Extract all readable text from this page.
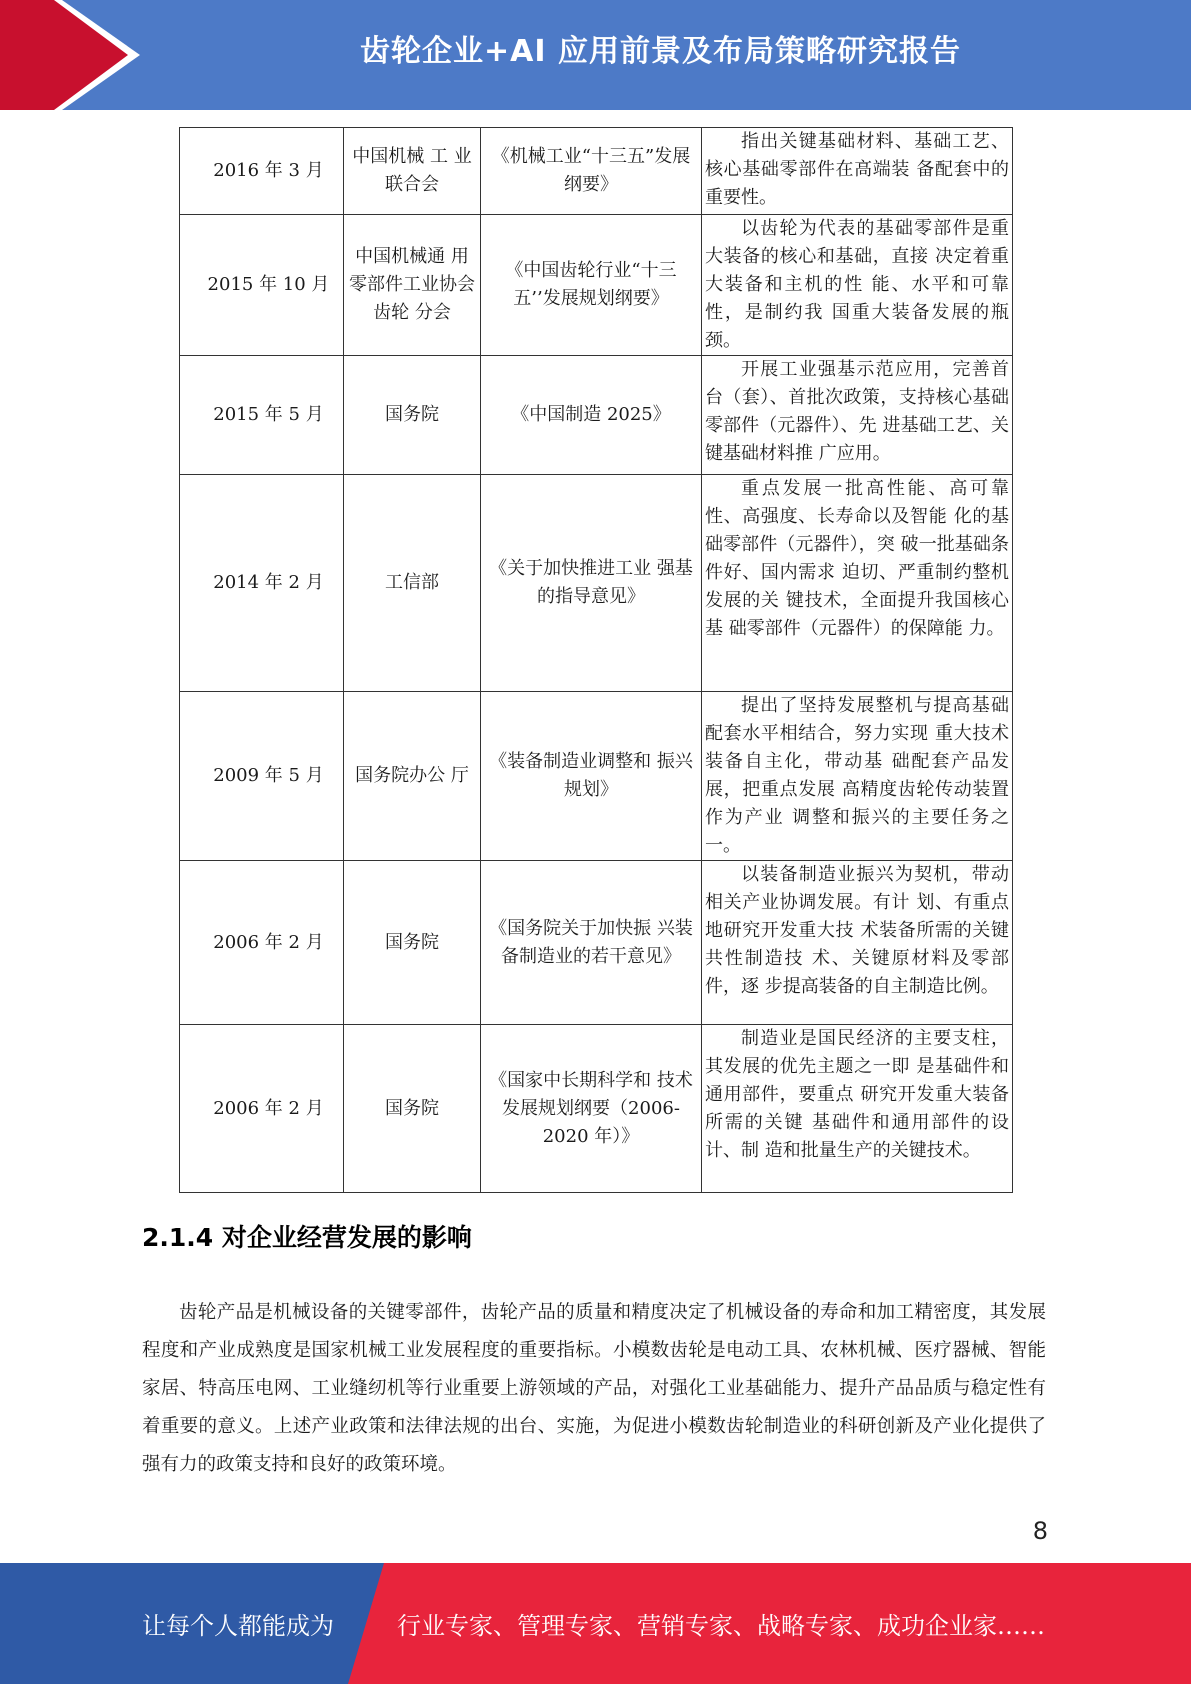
齿轮企业+AI 应用前景及布局策略研究报告
2016 年 3 月	中国机械 工 业联合会	《机械工业“十三五”发展纲要》	指出关键基础材料、基础工艺、核心基础零部件在高端装 备配套中的重要性。

2015 年 10 月	中国机械通 用零部件工业协会齿轮 分会	《中国齿轮行业“十三 五’’发展规划纲要》	以齿轮为代表的基础零部件是重大装备的核心和基础，直接 决定着重大装备和主机的性 能、水平和可靠性，是制约我 国重大装备发展的瓶颈。

2015 年 5 月	国务院	《中国制造 2025》	开展工业强基示范应用，完善首台（套）、首批次政策，支持核心基础零部件（元器件）、先 进基础工艺、关键基础材料推 广应用。

2014 年 2 月	工信部	《关于加快推进工业 强基的指导意见》	重点发展一批高性能、高可靠性、高强度、长寿命以及智能 化的基础零部件（元器件），突 破一批基础条件好、国内需求 迫切、严重制约整机发展的关 键技术，全面提升我国核心基 础零部件（元器件）的保障能 力。

2009 年 5 月	国务院办公 厅	《装备制造业调整和 振兴规划》	提出了坚持发展整机与提高基础配套水平相结合，努力实现 重大技术装备自主化，带动基 础配套产品发展，把重点发展 高精度齿轮传动装置作为产业 调整和振兴的主要任务之一。

2006 年 2 月	国务院	《国务院关于加快振 兴装备制造业的若干意见》	以装备制造业振兴为契机，带动相关产业协调发展。有计 划、有重点地研究开发重大技 术装备所需的关键共性制造技 术、关键原材料及零部件，逐 步提高装备的自主制造比例。

2006 年 2 月	国务院	《国家中长期科学和 技术发展规划纲要（2006-2020 年）》	制造业是国民经济的主要支柱，其发展的优先主题之一即 是基础件和通用部件，要重点 研究开发重大装备所需的关键 基础件和通用部件的设计、制 造和批量生产的关键技术。
2.1.4 对企业经营发展的影响

齿轮产品是机械设备的关键零部件，齿轮产品的质量和精度决定了机械设备的寿命和加工精密度，其发展程度和产业成熟度是国家机械工业发展程度的重要指标。小模数齿轮是电动工具、农林机械、医疗器械、智能家居、特高压电网、工业缝纫机等行业重要上游领域的产品，对强化工业基础能力、提升产品品质与稳定性有着重要的意义。上述产业政策和法律法规的出台、实施，为促进小模数齿轮制造业的科研创新及产业化提供了强有力的政策支持和良好的政策环境。

8
让每个人都能成为	行业专家、管理专家、营销专家、战略专家、成功企业家……
